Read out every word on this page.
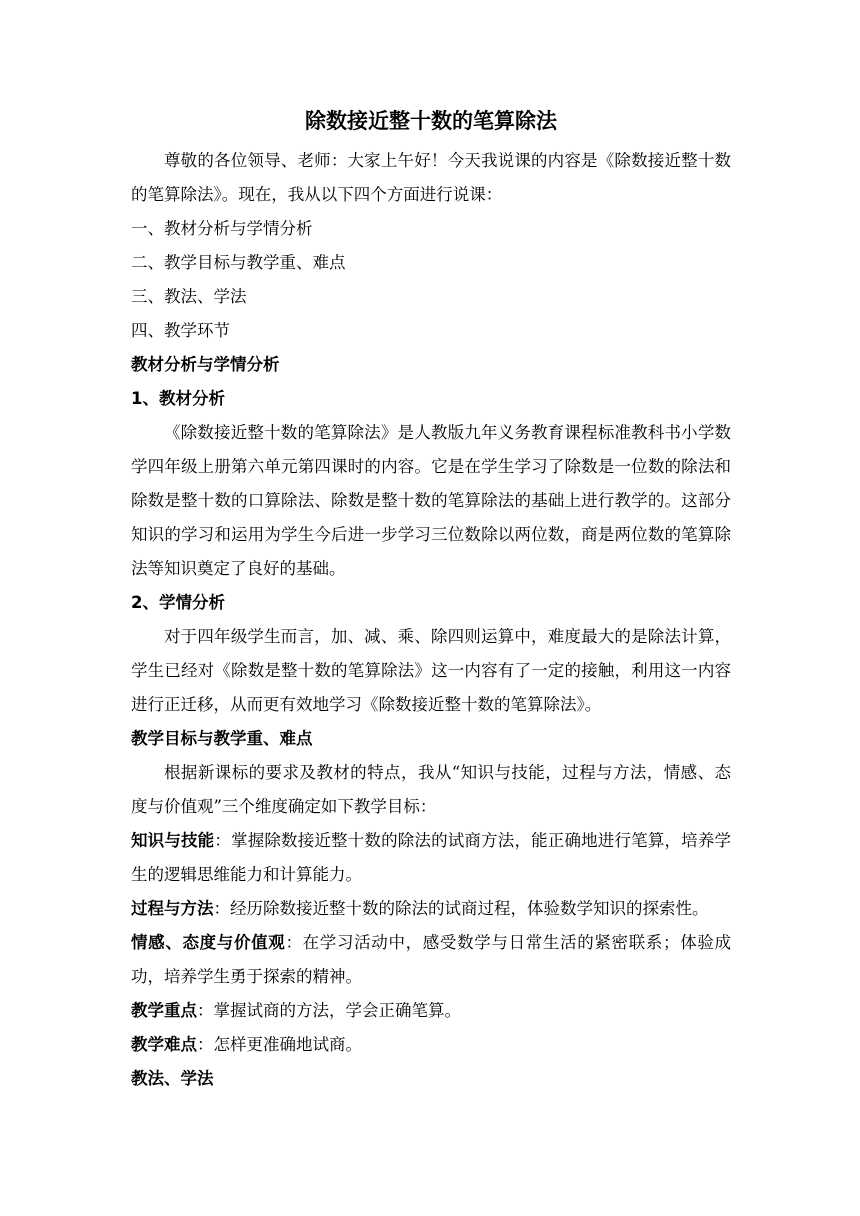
除数接近整十数的笔算除法

尊敬的各位领导、老师：大家上午好！今天我说课的内容是《除数接近整十数的笔算除法》。现在，我从以下四个方面进行说课：

一、教材分析与学情分析

二、教学目标与教学重、难点

三、教法、学法

四、教学环节

教材分析与学情分析

1、教材分析

《除数接近整十数的笔算除法》是人教版九年义务教育课程标准教科书小学数学四年级上册第六单元第四课时的内容。它是在学生学习了除数是一位数的除法和除数是整十数的口算除法、除数是整十数的笔算除法的基础上进行教学的。这部分知识的学习和运用为学生今后进一步学习三位数除以两位数，商是两位数的笔算除法等知识奠定了良好的基础。

2、学情分析

对于四年级学生而言，加、减、乘、除四则运算中，难度最大的是除法计算，学生已经对《除数是整十数的笔算除法》这一内容有了一定的接触，利用这一内容进行正迁移，从而更有效地学习《除数接近整十数的笔算除法》。

教学目标与教学重、难点

根据新课标的要求及教材的特点，我从“知识与技能，过程与方法，情感、态度与价值观”三个维度确定如下教学目标：

知识与技能：掌握除数接近整十数的除法的试商方法，能正确地进行笔算，培养学生的逻辑思维能力和计算能力。

过程与方法：经历除数接近整十数的除法的试商过程，体验数学知识的探索性。

情感、态度与价值观：在学习活动中，感受数学与日常生活的紧密联系；体验成功，培养学生勇于探索的精神。

教学重点：掌握试商的方法，学会正确笔算。

教学难点：怎样更准确地试商。

教法、学法
